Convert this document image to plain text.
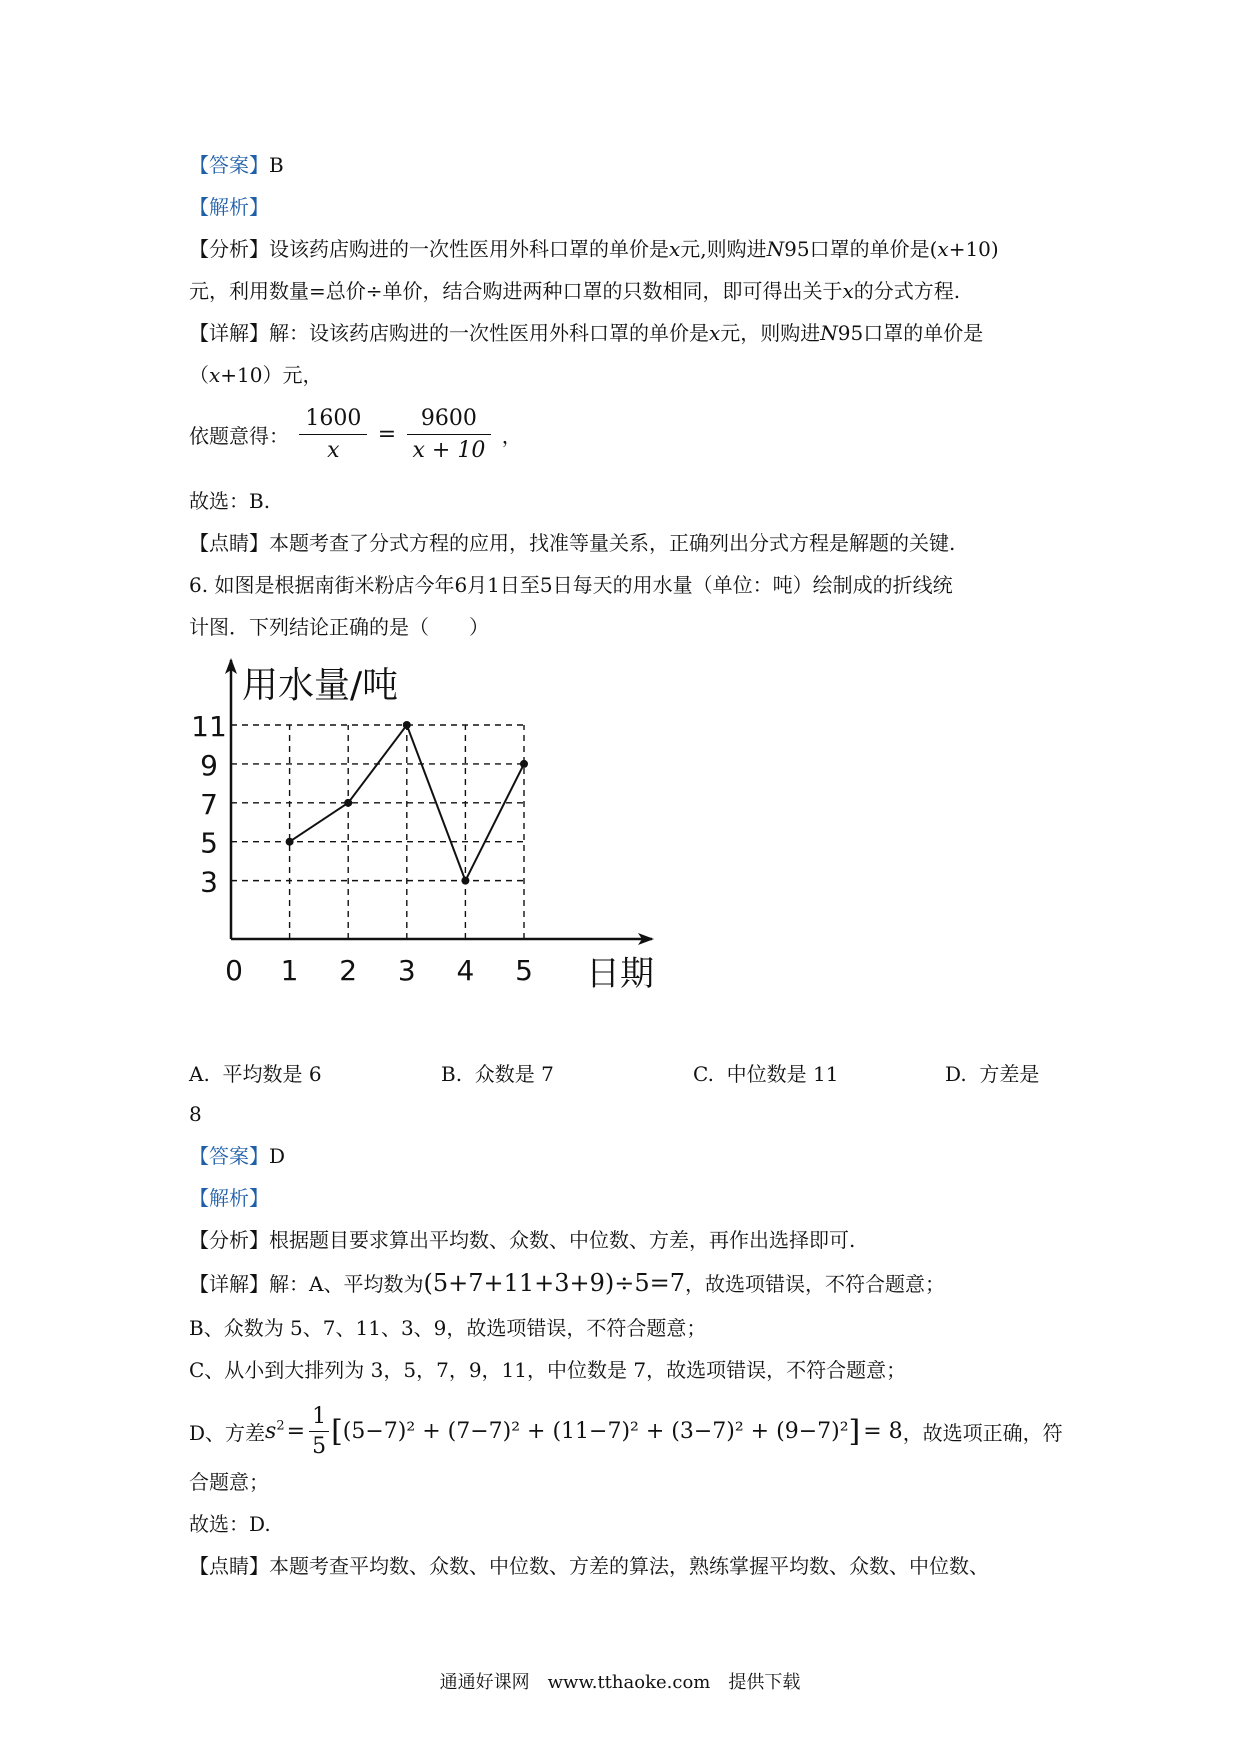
【答案】B
【解析】
【分析】设该药店购进的一次性医用外科口罩的单价是x元,则购进N95口罩的单价是(x+10)
元，利用数量=总价÷单价，结合购进两种口罩的只数相同，即可得出关于x的分式方程.
【详解】解：设该药店购进的一次性医用外科口罩的单价是x元，则购进N95口罩的单价是
（x+10）元，
依题意得： $\frac{1600}{x} = \frac{9600}{x + 10}$ ，
故选：B.
【点睛】本题考查了分式方程的应用，找准等量关系，正确列出分式方程是解题的关键.
6. 如图是根据南街米粉店今年6月1日至5日每天的用水量（单位：吨）绘制成的折线统
计图．下列结论正确的是（　　）
用水量/吨
日期
0
3
5
7
9
11
1 2 3 4 5
A. 平均数是 6	B. 众数是 7	C. 中位数是 11	D. 方差是
8
【答案】D
【解析】
【分析】根据题目要求算出平均数、众数、中位数、方差，再作出选择即可.
【详解】解：A、平均数为(5+7+11+3+9)÷5=7，故选项错误，不符合题意；
B、众数为 5、7、11、3、9，故选项错误，不符合题意；
C、从小到大排列为 3，5，7，9，11，中位数是 7，故选项错误，不符合题意；
D、方差$s^2= \frac{1}{5} [(5-7)^2 + (7-7)^2 + (11-7)^2 + (3-7)^2 + (9-7)^2] = 8$，故选项正确，符
合题意；
故选：D.
【点睛】本题考查平均数、众数、中位数、方差的算法，熟练掌握平均数、众数、中位数、
通通好课网　www.tthaoke.com　提供下载
